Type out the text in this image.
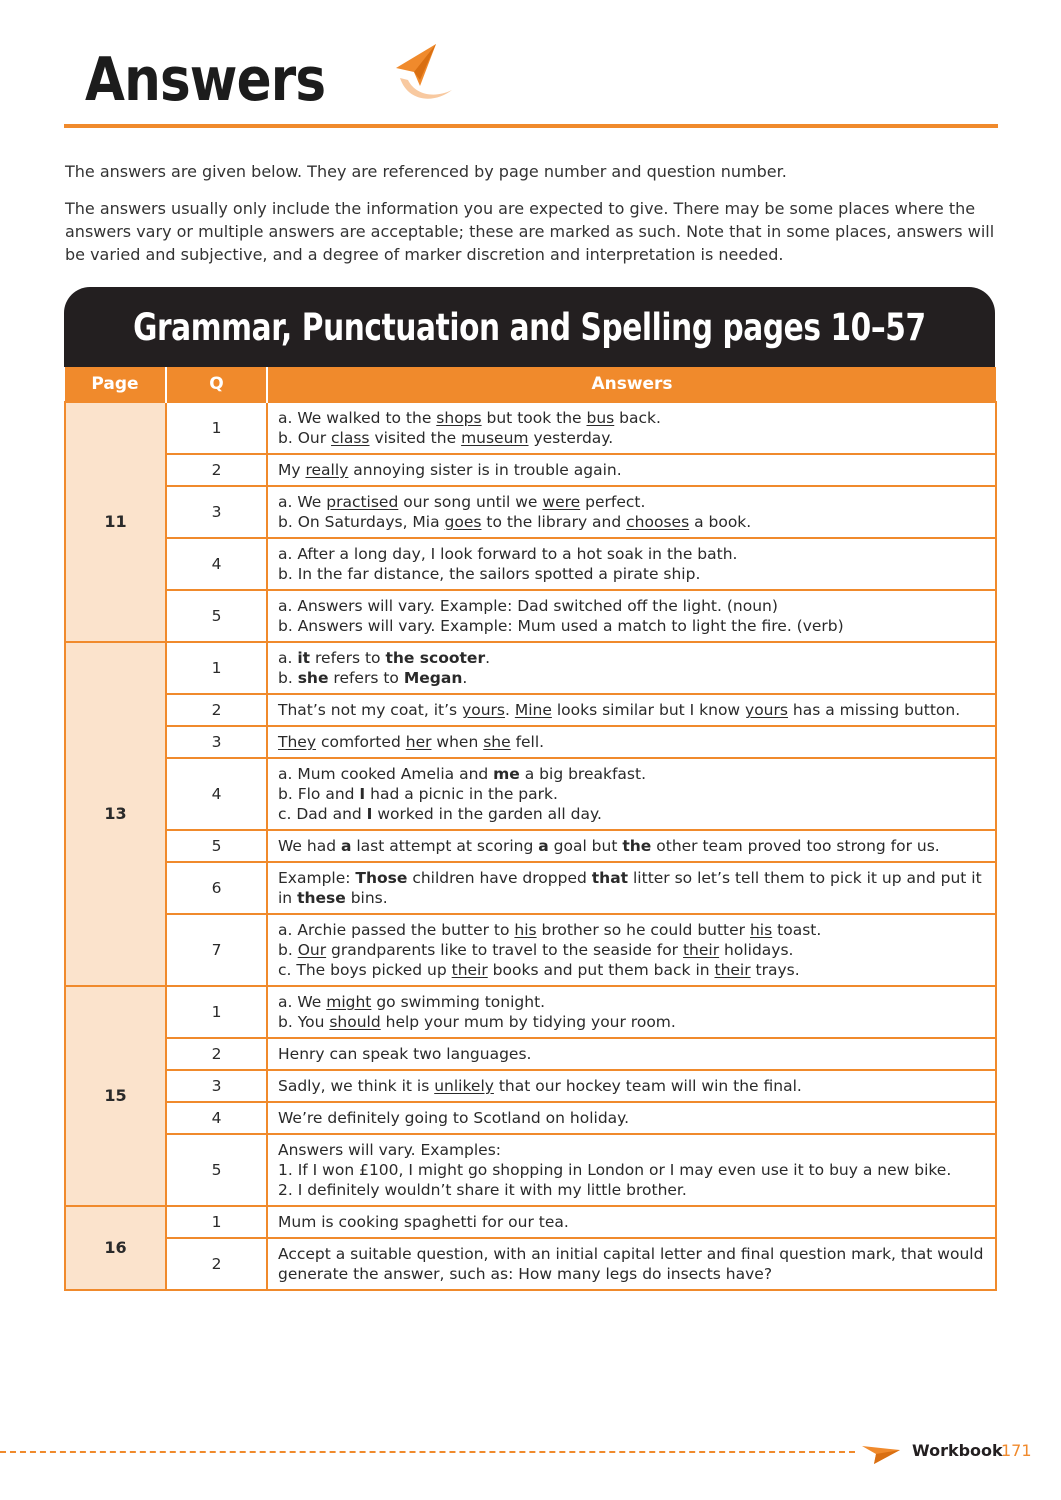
Answers

The answers are given below. They are referenced by page number and question number.

The answers usually only include the information you are expected to give. There may be some places where the answers vary or multiple answers are acceptable; these are marked as such. Note that in some places, answers will be varied and subjective, and a degree of marker discretion and interpretation is needed.

Grammar, Punctuation and Spelling pages 10–57
Page	Q	Answers
11	1	a. We walked to the shops but took the bus back.
b. Our class visited the museum yesterday.

	2	My really annoying sister is in trouble again.

	3	a. We practised our song until we were perfect.
b. On Saturdays, Mia goes to the library and chooses a book.

	4	a. After a long day, I look forward to a hot soak in the bath.
b. In the far distance, the sailors spotted a pirate ship.

	5	a. Answers will vary. Example: Dad switched off the light. (noun)
b. Answers will vary. Example: Mum used a match to light the fire. (verb)

13	1	a. it refers to the scooter.
b. she refers to Megan.

	2	That’s not my coat, it’s yours. Mine looks similar but I know yours has a missing button.

	3	They comforted her when she fell.

	4	a. Mum cooked Amelia and me a big breakfast.
b. Flo and I had a picnic in the park.
c. Dad and I worked in the garden all day.

	5	We had a last attempt at scoring a goal but the other team proved too strong for us.

	6	Example: Those children have dropped that litter so let’s tell them to pick it up and put it in these bins.

	7	a. Archie passed the butter to his brother so he could butter his toast.
b. Our grandparents like to travel to the seaside for their holidays.
c. The boys picked up their books and put them back in their trays.

15	1	a. We might go swimming tonight.
b. You should help your mum by tidying your room.

	2	Henry can speak two languages.

	3	Sadly, we think it is unlikely that our hockey team will win the final.

	4	We’re definitely going to Scotland on holiday.

	5	Answers will vary. Examples:
1. If I won £100, I might go shopping in London or I may even use it to buy a new bike.
2. I definitely wouldn’t share it with my little brother.

16	1	Mum is cooking spaghetti for our tea.

	2	Accept a suitable question, with an initial capital letter and final question mark, that would generate the answer, such as: How many legs do insects have?
Workbook
171
